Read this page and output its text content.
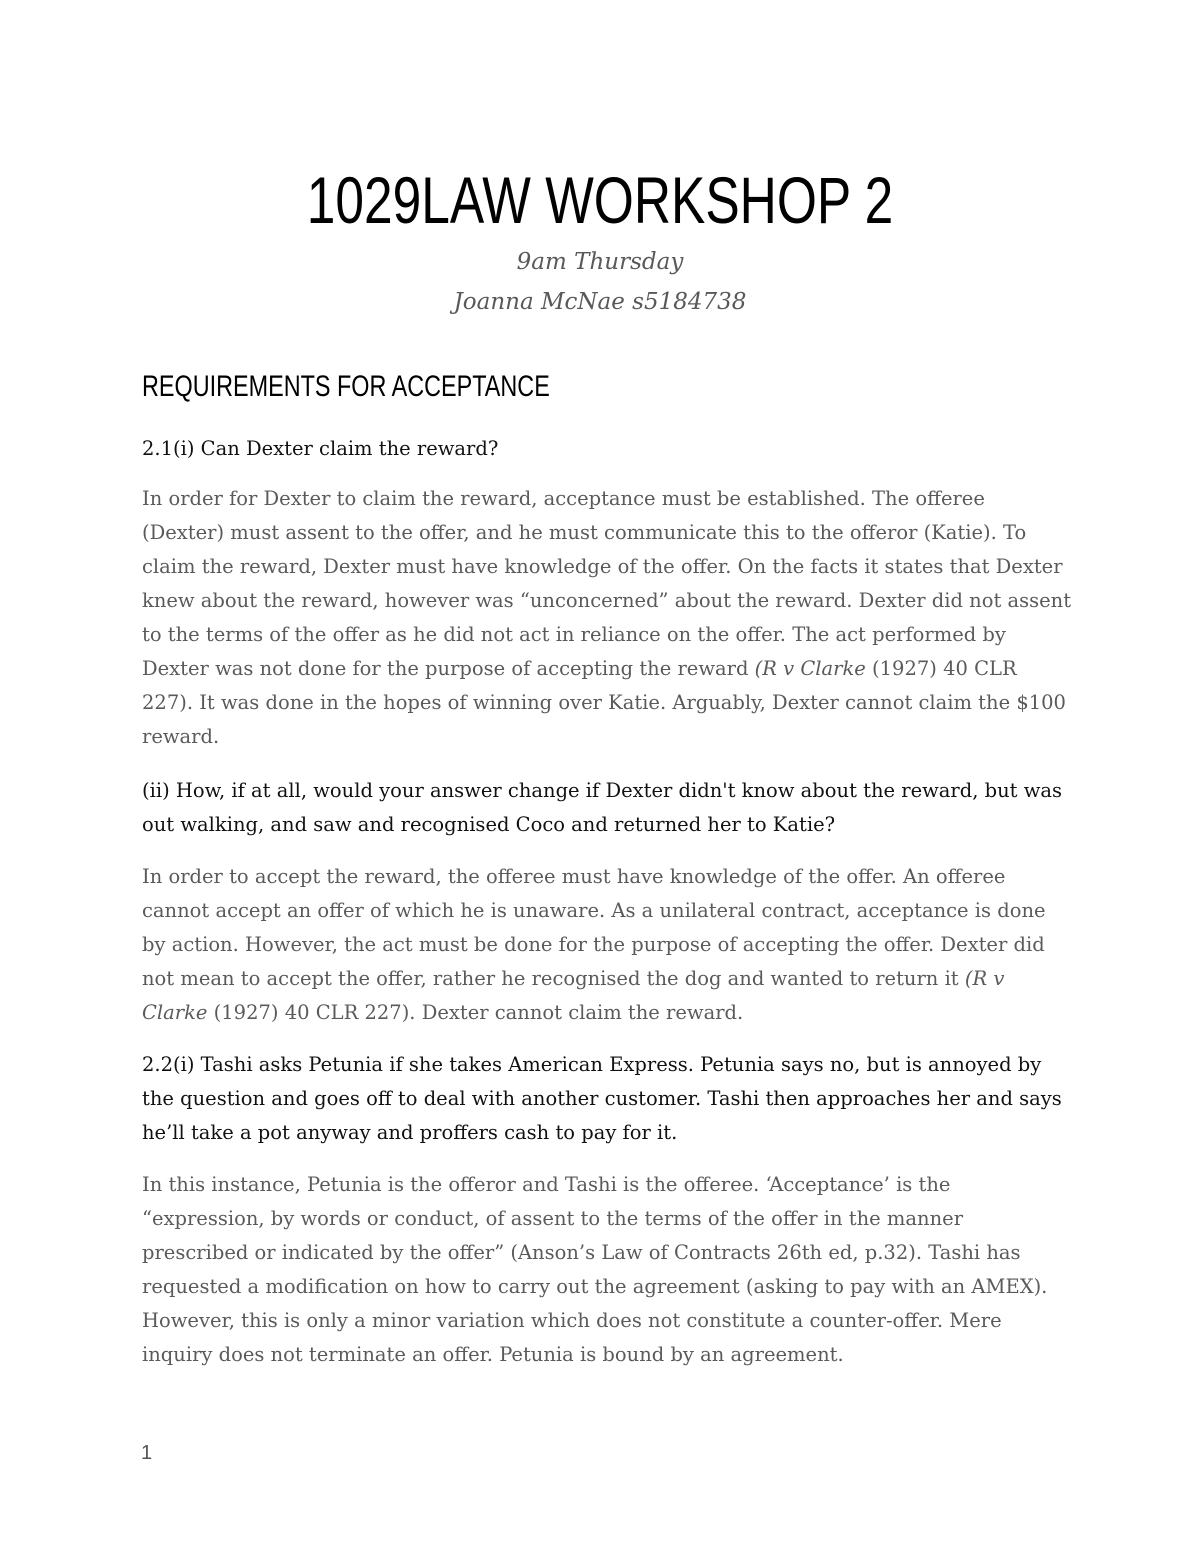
1029LAW WORKSHOP 2

9am Thursday

Joanna McNae s5184738

REQUIREMENTS FOR ACCEPTANCE

2.1(i) Can Dexter claim the reward?

In order for Dexter to claim the reward, acceptance must be established. The offeree (Dexter) must assent to the offer, and he must communicate this to the offeror (Katie). To claim the reward, Dexter must have knowledge of the offer. On the facts it states that Dexter knew about the reward, however was “unconcerned” about the reward. Dexter did not assent to the terms of the offer as he did not act in reliance on the offer. The act performed by Dexter was not done for the purpose of accepting the reward (R v Clarke (1927) 40 CLR 227). It was done in the hopes of winning over Katie. Arguably, Dexter cannot claim the $100 reward.

(ii) How, if at all, would your answer change if Dexter didn't know about the reward, but was out walking, and saw and recognised Coco and returned her to Katie?

In order to accept the reward, the offeree must have knowledge of the offer. An offeree cannot accept an offer of which he is unaware. As a unilateral contract, acceptance is done by action. However, the act must be done for the purpose of accepting the offer. Dexter did not mean to accept the offer, rather he recognised the dog and wanted to return it (R v Clarke (1927) 40 CLR 227). Dexter cannot claim the reward.

2.2(i) Tashi asks Petunia if she takes American Express. Petunia says no, but is annoyed by the question and goes off to deal with another customer. Tashi then approaches her and says he’ll take a pot anyway and proffers cash to pay for it.

In this instance, Petunia is the offeror and Tashi is the offeree. ‘Acceptance’ is the “expression, by words or conduct, of assent to the terms of the offer in the manner prescribed or indicated by the offer” (Anson’s Law of Contracts 26th ed, p.32). Tashi has requested a modification on how to carry out the agreement (asking to pay with an AMEX). However, this is only a minor variation which does not constitute a counter-offer. Mere inquiry does not terminate an offer. Petunia is bound by an agreement.

1
